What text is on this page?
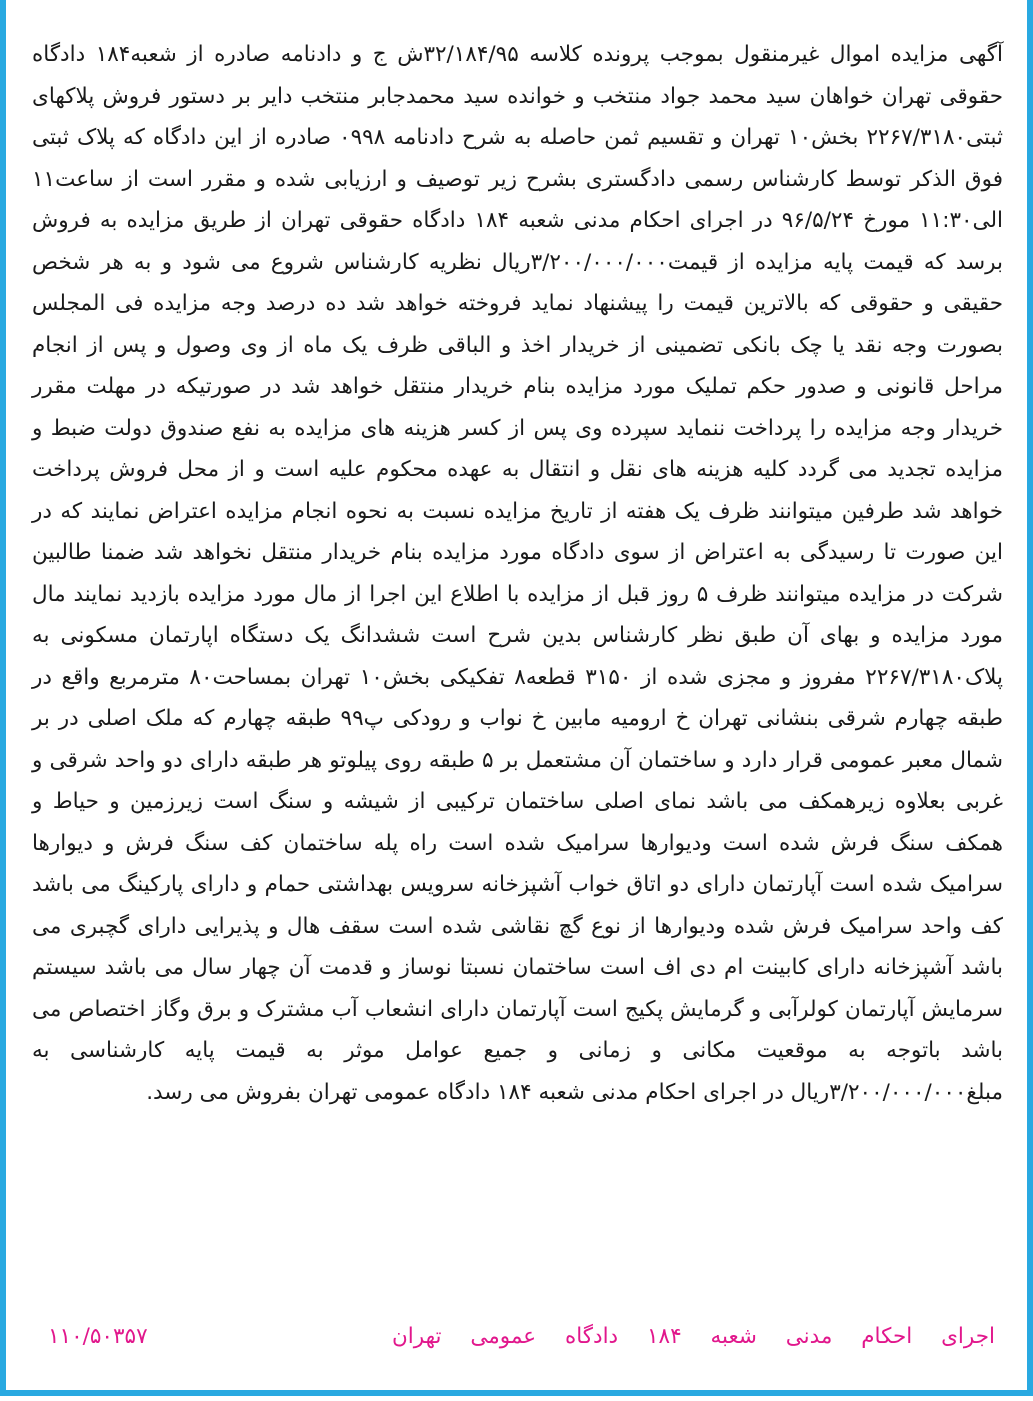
آگهی مزایده اموال غیرمنقول بموجب پرونده کلاسه ۳۲/۱۸۴/۹۵ش ج و دادنامه صادره از شعبه۱۸۴ دادگاه حقوقی تهران خواهان سید محمد جواد منتخب و خوانده سید محمدجابر منتخب دایر بر دستور فروش پلاکهای ثبتی۲۲۶۷/۳۱۸۰ بخش۱۰ تهران و تقسیم ثمن حاصله به شرح دادنامه ۰۹۹۸ صادره از این دادگاه که پلاک ثبتی فوق الذکر توسط کارشناس رسمی دادگستری بشرح زیر توصیف و ارزیابی شده و مقرر است از ساعت۱۱ الی۱۱:۳۰ مورخ ۹۶/۵/۲۴ در اجرای احکام مدنی شعبه ۱۸۴ دادگاه حقوقی تهران از طریق مزایده به فروش برسد که قیمت پایه مزایده از قیمت۳/۲۰۰/۰۰۰/۰۰۰ریال نظریه کارشناس شروع می شود و به هر شخص حقیقی و حقوقی که بالاترین قیمت را پیشنهاد نماید فروخته خواهد شد ده درصد وجه مزایده فی المجلس بصورت وجه نقد یا چک بانکی تضمینی از خریدار اخذ و الباقی ظرف یک ماه از وی وصول و پس از انجام مراحل قانونی و صدور حکم تملیک مورد مزایده بنام خریدار منتقل خواهد شد در صورتیکه در مهلت مقرر خریدار وجه مزایده را پرداخت ننماید سپرده وی پس از کسر هزینه های مزایده به نفع صندوق دولت ضبط و مزایده تجدید می گردد کلیه هزینه های نقل و انتقال به عهده محکوم علیه است و از محل فروش پرداخت خواهد شد طرفین میتوانند ظرف یک هفته از تاریخ مزایده نسبت به نحوه انجام مزایده اعتراض نمایند که در این صورت تا رسیدگی به اعتراض از سوی دادگاه مورد مزایده بنام خریدار منتقل نخواهد شد ضمنا طالبین شرکت در مزایده میتوانند ظرف ۵ روز قبل از مزایده با اطلاع این اجرا از مال مورد مزایده بازدید نمایند مال مورد مزایده و بهای آن طبق نظر کارشناس بدین شرح است ششدانگ یک دستگاه اپارتمان مسکونی به پلاک۲۲۶۷/۳۱۸۰ مفروز و مجزی شده از ۳۱۵۰ قطعه۸ تفکیکی بخش۱۰ تهران بمساحت۸۰ مترمربع واقع در طبقه چهارم شرقی بنشانی تهران خ ارومیه مابین خ نواب و رودکی پ۹۹ طبقه چهارم که ملک اصلی در بر شمال معبر عمومی قرار دارد و ساختمان آن مشتعمل بر ۵ طبقه روی پیلوتو هر طبقه دارای دو واحد شرقی و غربی بعلاوه زیرهمکف می باشد نمای اصلی ساختمان ترکیبی از شیشه و سنگ است زیرزمین و حیاط و همکف سنگ فرش شده است ودیوارها سرامیک شده است راه پله ساختمان کف سنگ فرش و دیوارها سرامیک شده است آپارتمان دارای دو اتاق خواب آشپزخانه سرویس بهداشتی حمام و دارای پارکینگ می باشد کف واحد سرامیک فرش شده ودیوارها از نوع گچ نقاشی شده است سقف هال و پذیرایی دارای گچبری می باشد آشپزخانه دارای کابینت ام دی اف است ساختمان نسبتا نوساز و قدمت آن چهار سال می باشد سیستم سرمایش آپارتمان کولرآبی و گرمایش پکیج است آپارتمان دارای انشعاب آب مشترک و برق وگاز اختصاص می باشد باتوجه به موقعیت مکانی و زمانی و جمیع عوامل موثر به قیمت پایه کارشناسی به مبلغ۳/۲۰۰/۰۰۰/۰۰۰ریال در اجرای احکام مدنی شعبه ۱۸۴ دادگاه عمومی تهران بفروش می رسد.

اجرای احکام مدنی شعبه ۱۸۴ دادگاه عمومی تهران
۱۱۰/۵۰۳۵۷
